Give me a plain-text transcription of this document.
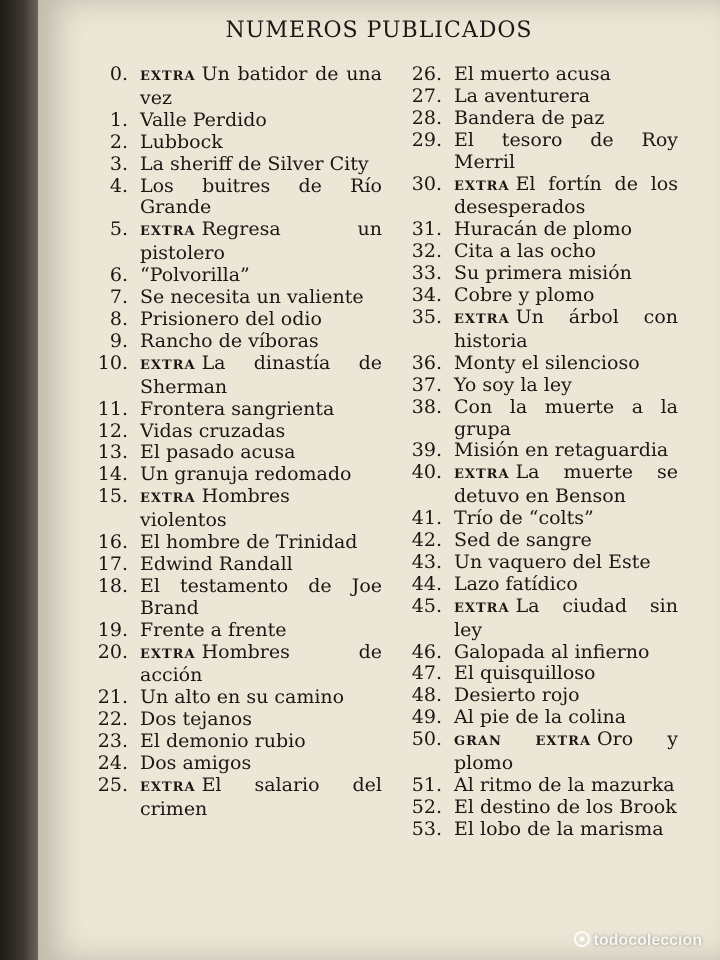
NUMEROS PUBLICADOS
0. EXTRA Un batidor de una vez
1. Valle Perdido
2. Lubbock
3. La sheriff de Silver City
4. Los buitres de Río Grande
5. EXTRA Regresa un pistolero
6. “Polvorilla”
7. Se necesita un valiente
8. Prisionero del odio
9. Rancho de víboras
10. EXTRA La dinastía de Sherman
11. Frontera sangrienta
12. Vidas cruzadas
13. El pasado acusa
14. Un granuja redomado
15. EXTRA Hombres violentos
16. El hombre de Trinidad
17. Edwind Randall
18. El testamento de Joe Brand
19. Frente a frente
20. EXTRA Hombres de acción
21. Un alto en su camino
22. Dos tejanos
23. El demonio rubio
24. Dos amigos
25. EXTRA El salario del crimen
26. El muerto acusa
27. La aventurera
28. Bandera de paz
29. El tesoro de Roy Merril
30. EXTRA El fortín de los desesperados
31. Huracán de plomo
32. Cita a las ocho
33. Su primera misión
34. Cobre y plomo
35. EXTRA Un árbol con historia
36. Monty el silencioso
37. Yo soy la ley
38. Con la muerte a la grupa
39. Misión en retaguardia
40. EXTRA La muerte se detuvo en Benson
41. Trío de “colts”
42. Sed de sangre
43. Un vaquero del Este
44. Lazo fatídico
45. EXTRA La ciudad sin ley
46. Galopada al infierno
47. El quisquilloso
48. Desierto rojo
49. Al pie de la colina
50. GRAN EXTRA Oro y plomo
51. Al ritmo de la mazurka
52. El destino de los Brook
53. El lobo de la marisma
todocoleccion
